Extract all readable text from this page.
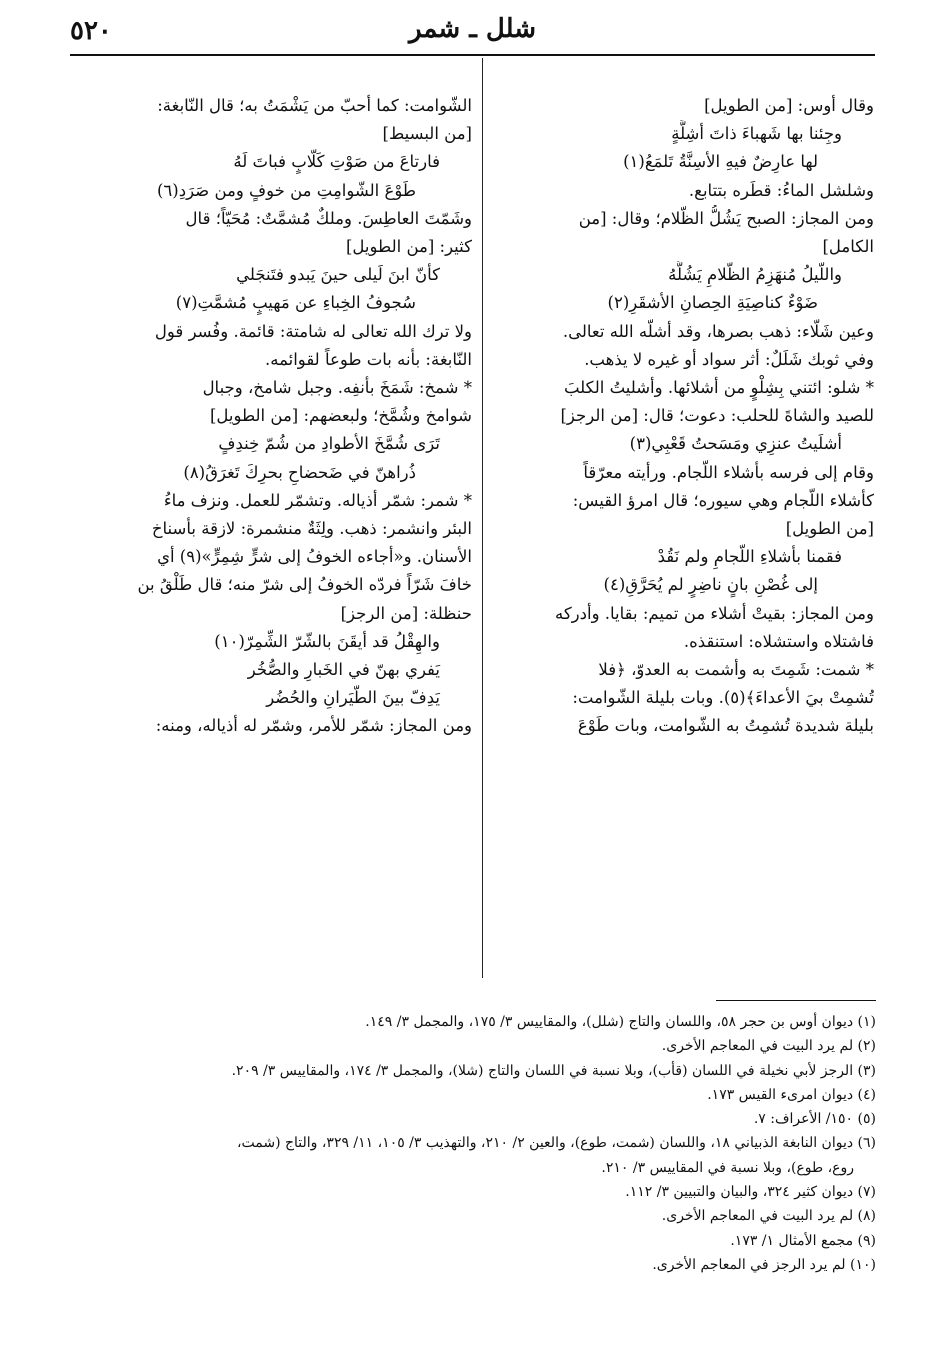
٥٢٠	شلل ـ شمر
وقال أوس: [من الطويل]
وجِئنا بها شَهباءَ ذاتَ أشِلَّةٍ
لها عارِضٌ فيهِ الأسِنَّةُ تَلمَعُ(١)
وشلشل الماءُ: قطَره بتتابع.
ومن المجاز: الصبح يَشُلُّ الظّلام؛ وقال: [من
الكامل]
واللّيلُ مُنهَزِمُ الظّلامِ يَشُلُّهُ
ضَوْءٌ كناصِيَةِ الحِصانِ الأشقَرِ(٢)
وعين شَلّاء: ذهب بصرها، وقد أشلّه الله تعالى.
وفي ثوبك شَلَلٌ: أثر سواد أو غيره لا يذهب.
* شلو: ائتني بِشِلْوٍ من أشلائها. وأشليتُ الكلبَ
للصيد والشاةَ للحلب: دعوت؛ قال: [من الرجز]
أشلَيتُ عنزِي ومَسَحتُ قَعْبِي(٣)
وقام إلى فرسه بأشلاء اللّجام. ورأيته معرّقاً
كأشلاء اللّجام وهي سيوره؛ قال امرؤ القيس:
[من الطويل]
فقمنا بأشلاءِ اللّجامِ ولم نَقُدْ
إلى غُصْنِ بانٍ ناضِرٍ لم يُحَرَّقِ(٤)
ومن المجاز: بقيتْ أشلاء من تميم: بقايا. وأدركه
فاشتلاه واستشلاه: استنقذه.
* شمت: شَمِتَ به وأشمت به العدوّ، ﴿فلا
تُشمِتْ بيَ الأعداءَ﴾(٥). وبات بليلة الشّوامت:
بليلة شديدة تُشمِتُ به الشّوامت، وبات طَوْعَ
الشّوامت: كما أحبّ من يَشْمَتُ به؛ قال النّابغة:
[من البسيط]
فارتاعَ من صَوْتِ كَلّابٍ فباتَ لَهُ
طَوْعَ الشّوامِتِ من خوفٍ ومن صَرَدِ(٦)
وشَمّتَ العاطِسَ. وملكٌ مُشمَّتٌ: مُحَيّاً؛ قال
كثير: [من الطويل]
كأنّ ابنَ لَيلى حينَ يَبدو فتَنجَلي
سُجوفُ الخِباءِ عن مَهيبٍ مُشمَّتِ(٧)
ولا ترك الله تعالى له شامتة: قائمة. وفُسر قول
النّابغة: بأنه بات طوعاً لقوائمه.
* شمخ: شَمَخَ بأنفِه. وجبل شامخ، وجبال
شوامخ وشُمَّخ؛ ولبعضهم: [من الطويل]
تَرَى شُمَّخَ الأطوادِ من شُمّ خِندِفٍ
ذُراهنّ في ضَحضاحِ بحرِكَ تَغرَقُ(٨)
* شمر: شمّر أذياله. وتشمّر للعمل. ونزف ماءُ
البئر وانشمر: ذهب. ولِثَةٌ منشمرة: لازقة بأسناخ
الأسنان. و«أجاءه الخوفُ إلى شرٍّ شِمِرٍّ»(٩) أي
خافَ شَرّاً فردّه الخوفُ إلى شرّ منه؛ قال طَلْقُ بن
حنظلة: [من الرجز]
والهِقْلُ قد أيقَنَ بالشّرّ الشِّمِرّ(١٠)
يَفري بهنّ في الخَبارِ والصُّخُر
يَدِفّ بينَ الطّيَرانِ والحُضُر
ومن المجاز: شمّر للأمر، وشمّر له أذياله، ومنه:
(١) ديوان أوس بن حجر ٥٨، واللسان والتاج (شلل)، والمقاييس ٣/ ١٧٥، والمجمل ٣/ ١٤٩.
(٢) لم يرد البيت في المعاجم الأخرى.
(٣) الرجز لأبي نخيلة في اللسان (قأب)، وبلا نسبة في اللسان والتاج (شلا)، والمجمل ٣/ ١٧٤، والمقاييس ٣/ ٢٠٩.
(٤) ديوان امرىء القيس ١٧٣.
(٥) ١٥٠/ الأعراف: ٧.
(٦) ديوان النابغة الذبياني ١٨، واللسان (شمت، طوع)، والعين ٢/ ٢١٠، والتهذيب ٣/ ١٠٥، ١١/ ٣٢٩، والتاج (شمت،
روع، طوع)، وبلا نسبة في المقاييس ٣/ ٢١٠.
(٧) ديوان كثير ٣٢٤، والبيان والتبيين ٣/ ١١٢.
(٨) لم يرد البيت في المعاجم الأخرى.
(٩) مجمع الأمثال ١/ ١٧٣.
(١٠) لم يرد الرجز في المعاجم الأخرى.
